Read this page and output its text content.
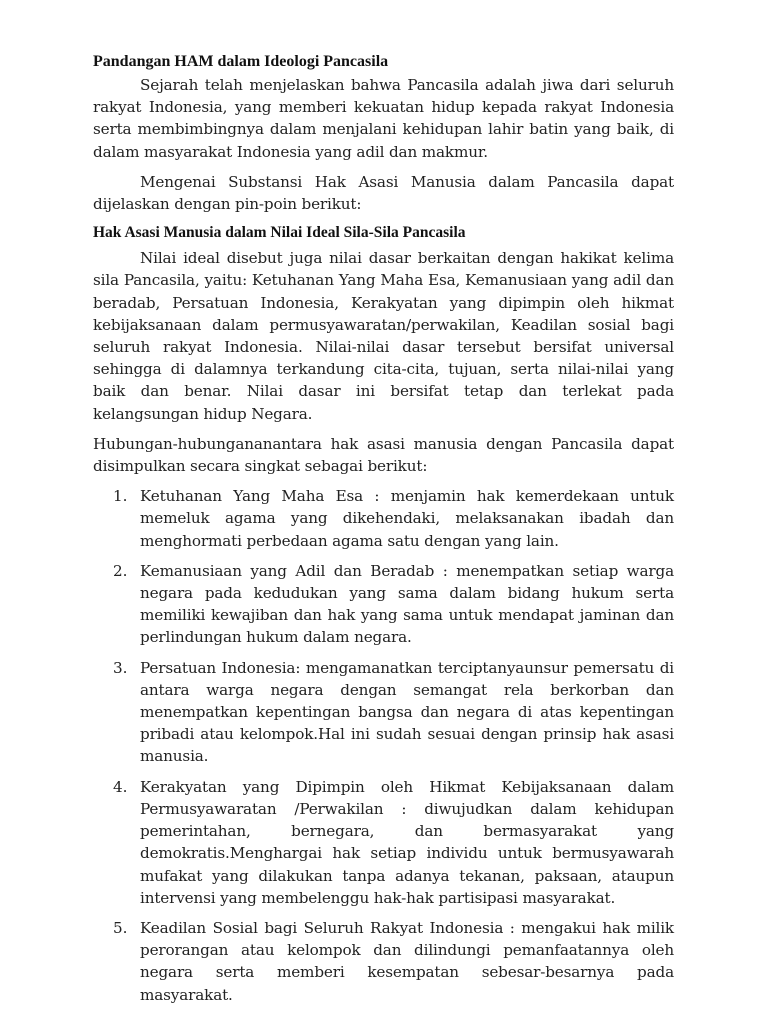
Pandangan HAM dalam Ideologi Pancasila

Sejarah telah menjelaskan bahwa Pancasila adalah jiwa dari seluruh rakyat Indonesia, yang memberi kekuatan hidup kepada rakyat Indonesia serta membimbingnya dalam menjalani kehidupan lahir batin yang baik, di dalam masyarakat Indonesia yang adil dan makmur.

Mengenai Substansi Hak Asasi Manusia dalam Pancasila dapat dijelaskan dengan pin-poin berikut:

Hak Asasi Manusia dalam Nilai Ideal Sila-Sila Pancasila

Nilai ideal disebut juga nilai dasar berkaitan dengan hakikat kelima sila Pancasila, yaitu: Ketuhanan Yang Maha Esa, Kemanusiaan yang adil dan beradab, Persatuan Indonesia, Kerakyatan yang dipimpin oleh hikmat kebijaksanaan dalam permusyawaratan/perwakilan, Keadilan sosial bagi seluruh rakyat Indonesia. Nilai-nilai dasar tersebut bersifat universal sehingga di dalamnya terkandung cita-cita, tujuan, serta nilai-nilai yang baik dan benar. Nilai dasar ini bersifat tetap dan terlekat pada kelangsungan hidup Negara.

Hubungan-hubungananantara hak asasi manusia dengan Pancasila dapat disimpulkan secara singkat sebagai berikut:

1. Ketuhanan Yang Maha Esa : menjamin hak kemerdekaan untuk memeluk agama yang dikehendaki, melaksanakan ibadah dan menghormati perbedaan agama satu dengan yang lain.
2. Kemanusiaan yang Adil dan Beradab : menempatkan setiap warga negara pada kedudukan yang sama dalam bidang hukum serta memiliki kewajiban dan hak yang sama untuk mendapat jaminan dan perlindungan hukum dalam negara.
3. Persatuan Indonesia: mengamanatkan terciptanyaunsur pemersatu di antara warga negara dengan semangat rela berkorban dan menempatkan kepentingan bangsa dan negara di atas kepentingan pribadi atau kelompok.Hal ini sudah sesuai dengan prinsip hak asasi manusia.
4. Kerakyatan yang Dipimpin oleh Hikmat Kebijaksanaan dalam Permusyawaratan /Perwakilan : diwujudkan dalam kehidupan pemerintahan, bernegara, dan bermasyarakat yang demokratis.Menghargai hak setiap individu untuk bermusyawarah mufakat yang dilakukan tanpa adanya tekanan, paksaan, ataupun intervensi yang membelenggu hak-hak partisipasi masyarakat.
5. Keadilan Sosial bagi Seluruh Rakyat Indonesia : mengakui hak milik perorangan atau kelompok dan dilindungi pemanfaatannya oleh negara serta memberi kesempatan sebesar-besarnya pada masyarakat.
